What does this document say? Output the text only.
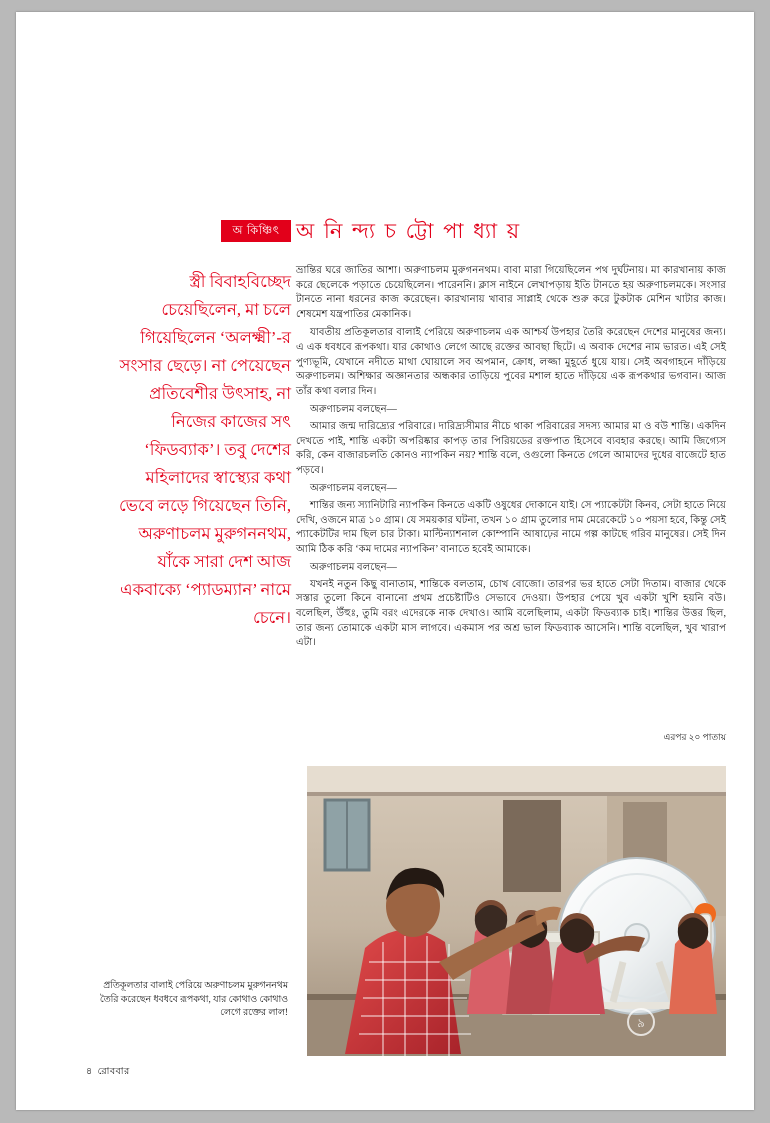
অ কিঞ্চিৎ অ নি ন্দ্য চ ট্টো পা ধ্যা য়
স্ত্রী বিবাহবিচ্ছেদ চেয়েছিলেন, মা চলে গিয়েছিলেন ‘অলক্ষ্মী’-র সংসার ছেড়ে। না পেয়েছেন প্রতিবেশীর উৎসাহ, না নিজের কাজের সৎ ‘ফিডব্যাক’। তবু দেশের মহিলাদের স্বাস্থ্যের কথা ভেবে লড়ে গিয়েছেন তিনি, অরুণাচলম মুরুগননথম, যাঁকে সারা দেশ আজ একবাক্যে ‘প্যাডম্যান’ নামে চেনে।

ভ্রান্তির ঘরে জাতির আশা। অরুণাচলম মুরুগননথম। বাবা মারা গিয়েছিলেন পথ দুর্ঘটনায়। মা কারখানায় কাজ করে ছেলেকে পড়াতে চেয়েছিলেন। পারেননি। ক্লাস নাইনে লেখাপড়ায় ইতি টানতে হয় অরুণাচলমকে। সংসার টানতে নানা ধরনের কাজ করেছেন। কারখানায় খাবার সাপ্লাই থেকে শুরু করে টুকটাক মেশিন খাটার কাজ। শেষমেশ যন্ত্রপাতির মেকানিক।

যাবতীয় প্রতিকূলতার বালাই পেরিয়ে অরুণাচলম এক আশ্চর্য উপহার তৈরি করেছেন দেশের মানুষের জন্য। এ এক ধবধবে রূপকথা। যার কোথাও লেগে আছে রক্তের আবছা ছিটে। এ অবাক দেশের নাম ভারত। এই সেই পুণ্যভূমি, যেখানে নদীতে মাথা ঘোয়ালে সব অপমান, ক্রোধ, লজ্জা মুহূর্তে ধুয়ে যায়। সেই অবগাহনে দাঁড়িয়ে অরুণাচলম। অশিক্ষার অজ্ঞানতার অন্ধকার তাড়িয়ে পুবের মশাল হাতে দাঁড়িয়ে এক রূপকথার ভগবান। আজ তাঁর কথা বলার দিন।

অরুণাচলম বলছেন—

আমার জন্ম দারিদ্র্যের পরিবারে। দারিদ্র্যসীমার নীচে থাকা পরিবারের সদস্য আমার মা ও বউ শান্তি। একদিন দেখতে পাই, শান্তি একটা অপরিষ্কার কাপড় তার পিরিয়ডের রক্তপাত হিসেবে ব্যবহার করছে। আমি জিগ্যেস করি, কেন বাজারচলতি কোনও ন্যাপকিন নয়? শান্তি বলে, ওগুলো কিনতে গেলে আমাদের দুধের বাজেটে হাত পড়বে।

অরুণাচলম বলছেন—

শান্তির জন্য স্যানিটারি ন্যাপকিন কিনতে একটি ওষুধের দোকানে যাই। সে প্যাকেটটা কিনব, সেটা হাতে নিয়ে দেখি, ওজনে মাত্র ১০ গ্রাম। যে সময়কার ঘটনা, তখন ১০ গ্রাম তুলোর দাম মেরেকেটে ১০ পয়সা হবে, কিন্তু সেই প্যাকেটটির দাম ছিল চার টাকা। মাল্টিন্যাশনাল কোম্পানি আষাঢ়ের নামে গল্প কাটছে গরিব মানুষের। সেই দিন আমি ঠিক করি ‘কম দামের ন্যাপকিন’ বানাতে হবেই আমাকে।

অরুণাচলম বলছেন—

যখনই নতুন কিছু বানাতাম, শান্তিকে বলতাম, চোখ বোজো। তারপর ভর হাতে সেটা দিতাম। বাজার থেকে সস্তার তুলো কিনে বানানো প্রথম প্রচেষ্টাটিও সেভাবে দেওয়া। উপহার পেয়ে খুব একটা খুশি হয়নি বউ। বলেছিল, উঁহুঃ, তুমি বরং এদেরকে নাক দেখাও। আমি বলেছিলাম, একটা ফিডব্যাক চাই। শান্তির উত্তর ছিল, তার জন্য তোমাকে একটা মাস লাগবে। একমাস পর অশ্র ভাল ফিডব্যাক আসেনি। শান্তি বলেছিল, খুব খারাপ এটা।

এরপর ২০ পাতায়
৯
প্রতিকূলতার বালাই পেরিয়ে অরুণাচলম মুরুগননথম তৈরি করেছেন ধবধবে রূপকথা, যার কোথাও কোথাও লেগে রক্তের লাল!
৪ রোববার
